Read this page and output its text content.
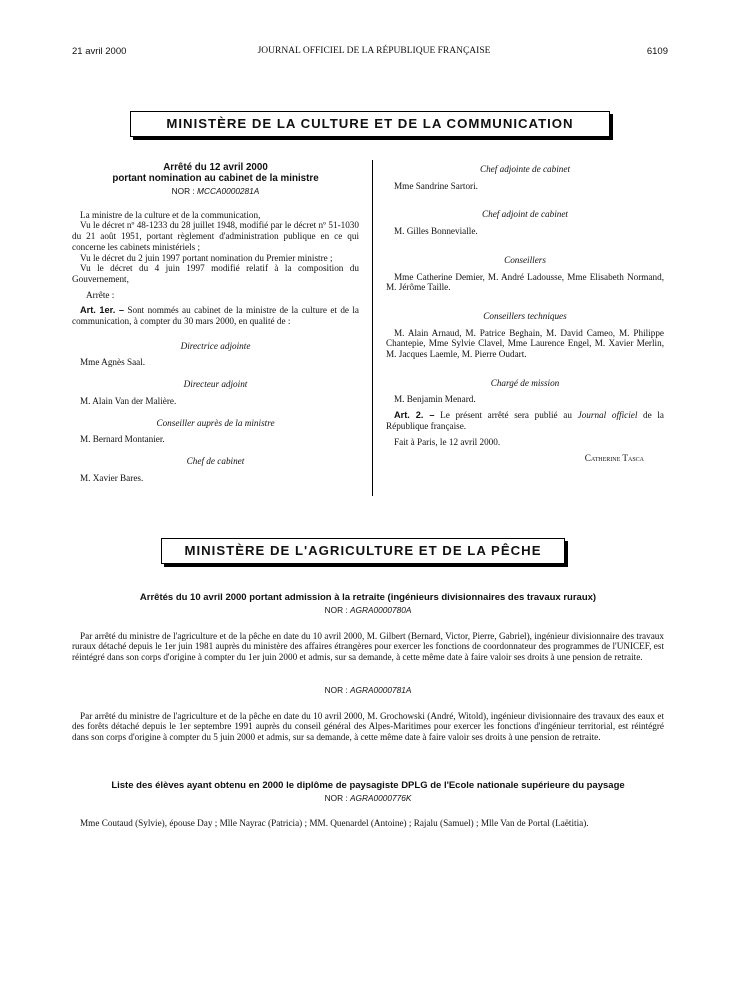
21 avril 2000	JOURNAL OFFICIEL DE LA RÉPUBLIQUE FRANÇAISE	6109
MINISTÈRE DE LA CULTURE ET DE LA COMMUNICATION
Arrêté du 12 avril 2000
portant nomination au cabinet de la ministre
NOR : MCCA0000281A

La ministre de la culture et de la communication,

Vu le décret nº 48-1233 du 28 juillet 1948, modifié par le décret nº 51-1030 du 21 août 1951, portant règlement d'administration publique en ce qui concerne les cabinets ministériels ;

Vu le décret du 2 juin 1997 portant nomination du Premier ministre ;

Vu le décret du 4 juin 1997 modifié relatif à la composition du Gouvernement,

Arrête :

Art. 1er. – Sont nommés au cabinet de la ministre de la culture et de la communication, à compter du 30 mars 2000, en qualité de :

Directrice adjointe

Mme Agnès Saal.

Directeur adjoint

M. Alain Van der Malière.

Conseiller auprès de la ministre

M. Bernard Montanier.

Chef de cabinet

M. Xavier Bares.

Chef adjointe de cabinet

Mme Sandrine Sartori.

Chef adjoint de cabinet

M. Gilles Bonnevialle.

Conseillers

Mme Catherine Demier, M. André Ladousse, Mme Elisabeth Normand, M. Jérôme Taille.

Conseillers techniques

M. Alain Arnaud, M. Patrice Beghain, M. David Cameo, M. Philippe Chantepie, Mme Sylvie Clavel, Mme Laurence Engel, M. Xavier Merlin, M. Jacques Laemle, M. Pierre Oudart.

Chargé de mission

M. Benjamin Menard.

Art. 2. – Le présent arrêté sera publié au Journal officiel de la République française.

Fait à Paris, le 12 avril 2000.

Catherine Tasca
MINISTÈRE DE L'AGRICULTURE ET DE LA PÊCHE
Arrêtés du 10 avril 2000 portant admission à la retraite (ingénieurs divisionnaires des travaux ruraux)
NOR : AGRA0000780A

Par arrêté du ministre de l'agriculture et de la pêche en date du 10 avril 2000, M. Gilbert (Bernard, Victor, Pierre, Gabriel), ingénieur divisionnaire des travaux ruraux détaché depuis le 1er juin 1981 auprès du ministère des affaires étrangères pour exercer les fonctions de coordonnateur des programmes de l'UNICEF, est réintégré dans son corps d'origine à compter du 1er juin 2000 et admis, sur sa demande, à cette même date à faire valoir ses droits à une pension de retraite.

NOR : AGRA0000781A

Par arrêté du ministre de l'agriculture et de la pêche en date du 10 avril 2000, M. Grochowski (André, Witold), ingénieur divisionnaire des travaux des eaux et des forêts détaché depuis le 1er septembre 1991 auprès du conseil général des Alpes-Maritimes pour exercer les fonctions d'ingénieur territorial, est réintégré dans son corps d'origine à compter du 5 juin 2000 et admis, sur sa demande, à cette même date à faire valoir ses droits à une pension de retraite.

Liste des élèves ayant obtenu en 2000 le diplôme de paysagiste DPLG de l'Ecole nationale supérieure du paysage
NOR : AGRA0000776K

Mme Coutaud (Sylvie), épouse Day ; Mlle Nayrac (Patricia) ; MM. Quenardel (Antoine) ; Rajalu (Samuel) ; Mlle Van de Portal (Laëtitia).
